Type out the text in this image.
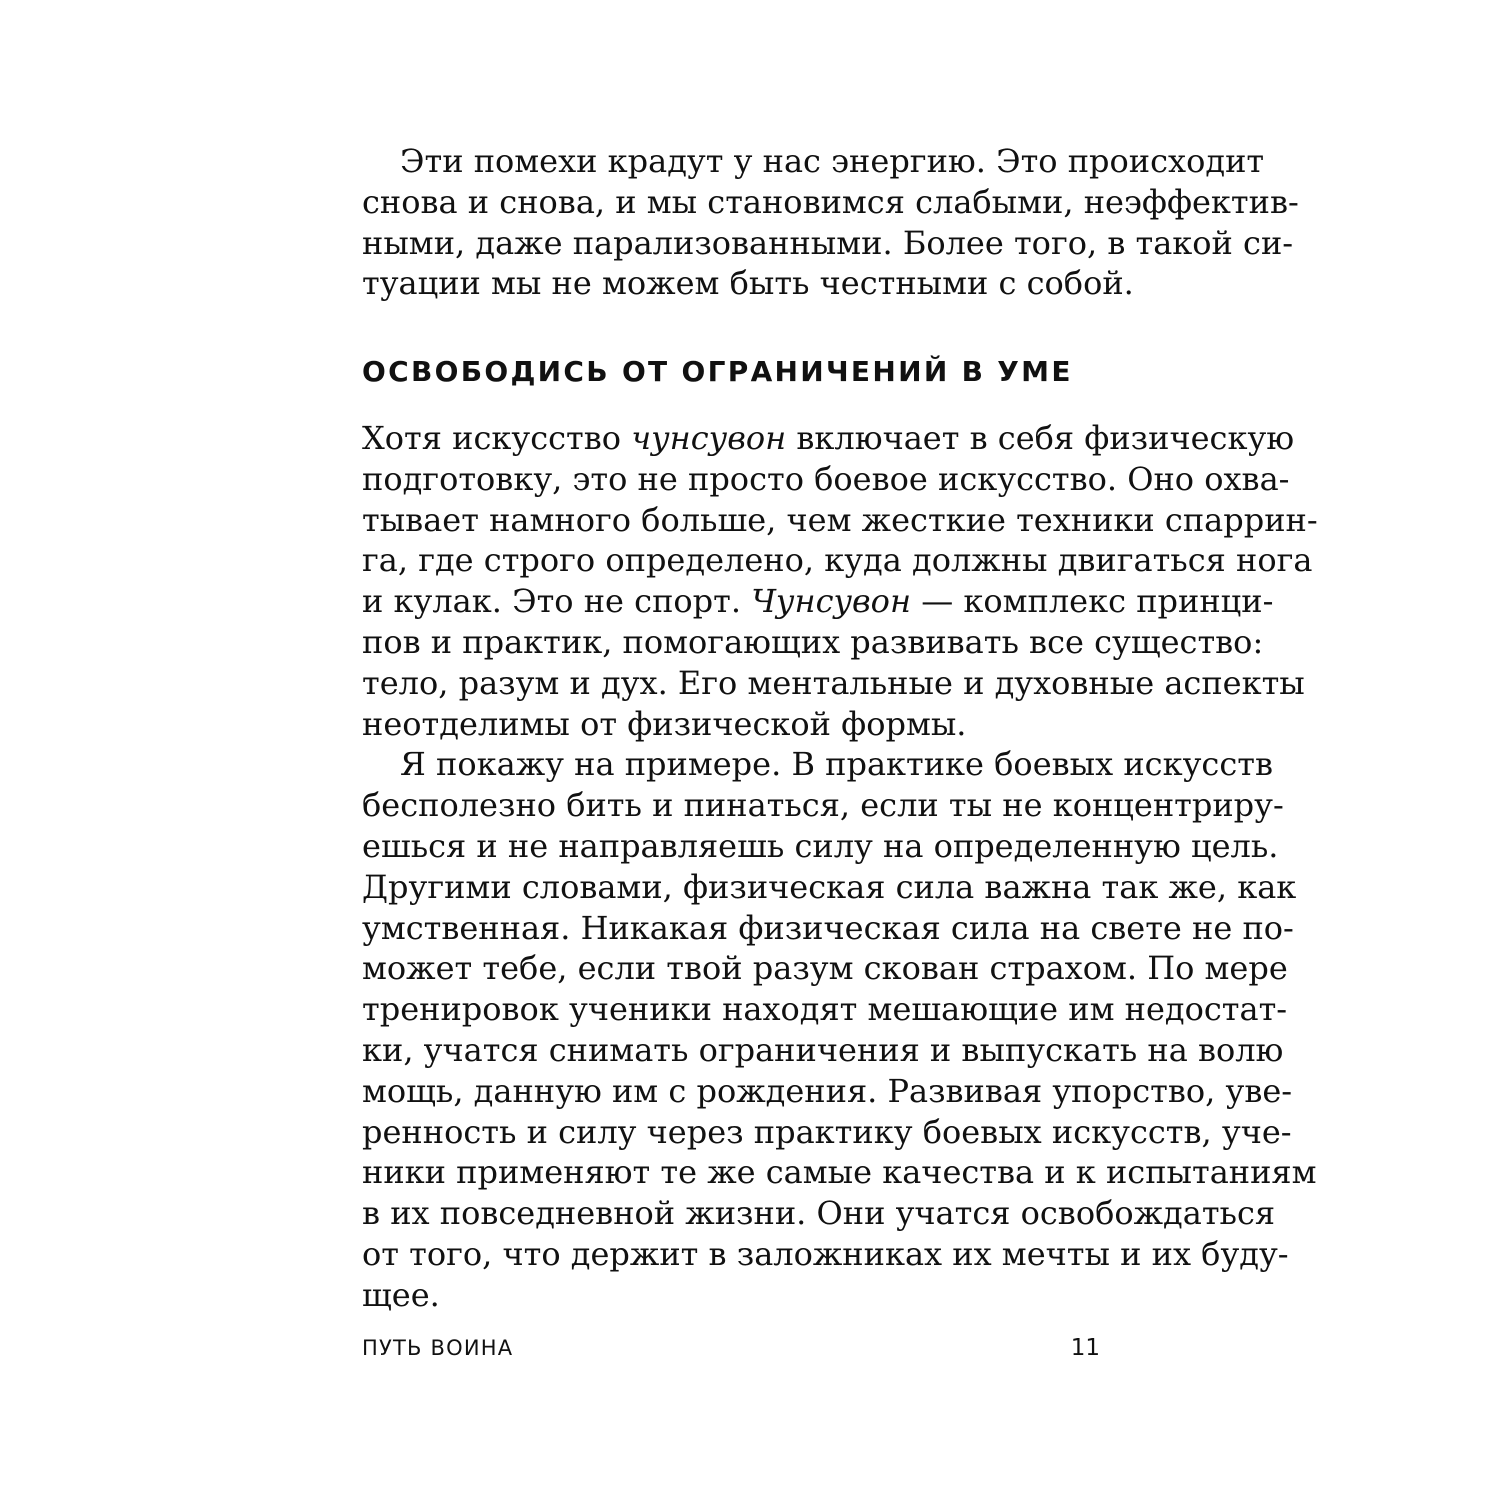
Эти помехи крадут у нас энергию. Это происходит
снова и снова, и мы становимся слабыми, неэффектив-
ными, даже парализованными. Более того, в такой си-
туации мы не можем быть честными с собой.
ОСВОБОДИСЬ ОТ ОГРАНИЧЕНИЙ В УМЕ
Хотя искусство чунсувон включает в себя физическую
подготовку, это не просто боевое искусство. Оно охва-
тывает намного больше, чем жесткие техники спаррин-
га, где строго определено, куда должны двигаться нога
и кулак. Это не спорт. Чунсувон — комплекс принци-
пов и практик, помогающих развивать все существо:
тело, разум и дух. Его ментальные и духовные аспекты
неотделимы от физической формы.
Я покажу на примере. В практике боевых искусств
бесполезно бить и пинаться, если ты не концентриру-
ешься и не направляешь силу на определенную цель.
Другими словами, физическая сила важна так же, как
умственная. Никакая физическая сила на свете не по-
может тебе, если твой разум скован страхом. По мере
тренировок ученики находят мешающие им недостат-
ки, учатся снимать ограничения и выпускать на волю
мощь, данную им с рождения. Развивая упорство, уве-
ренность и силу через практику боевых искусств, уче-
ники применяют те же самые качества и к испытаниям
в их повседневной жизни. Они учатся освобождаться
от того, что держит в заложниках их мечты и их буду-
щее.
ПУТЬ ВОИНА	11
